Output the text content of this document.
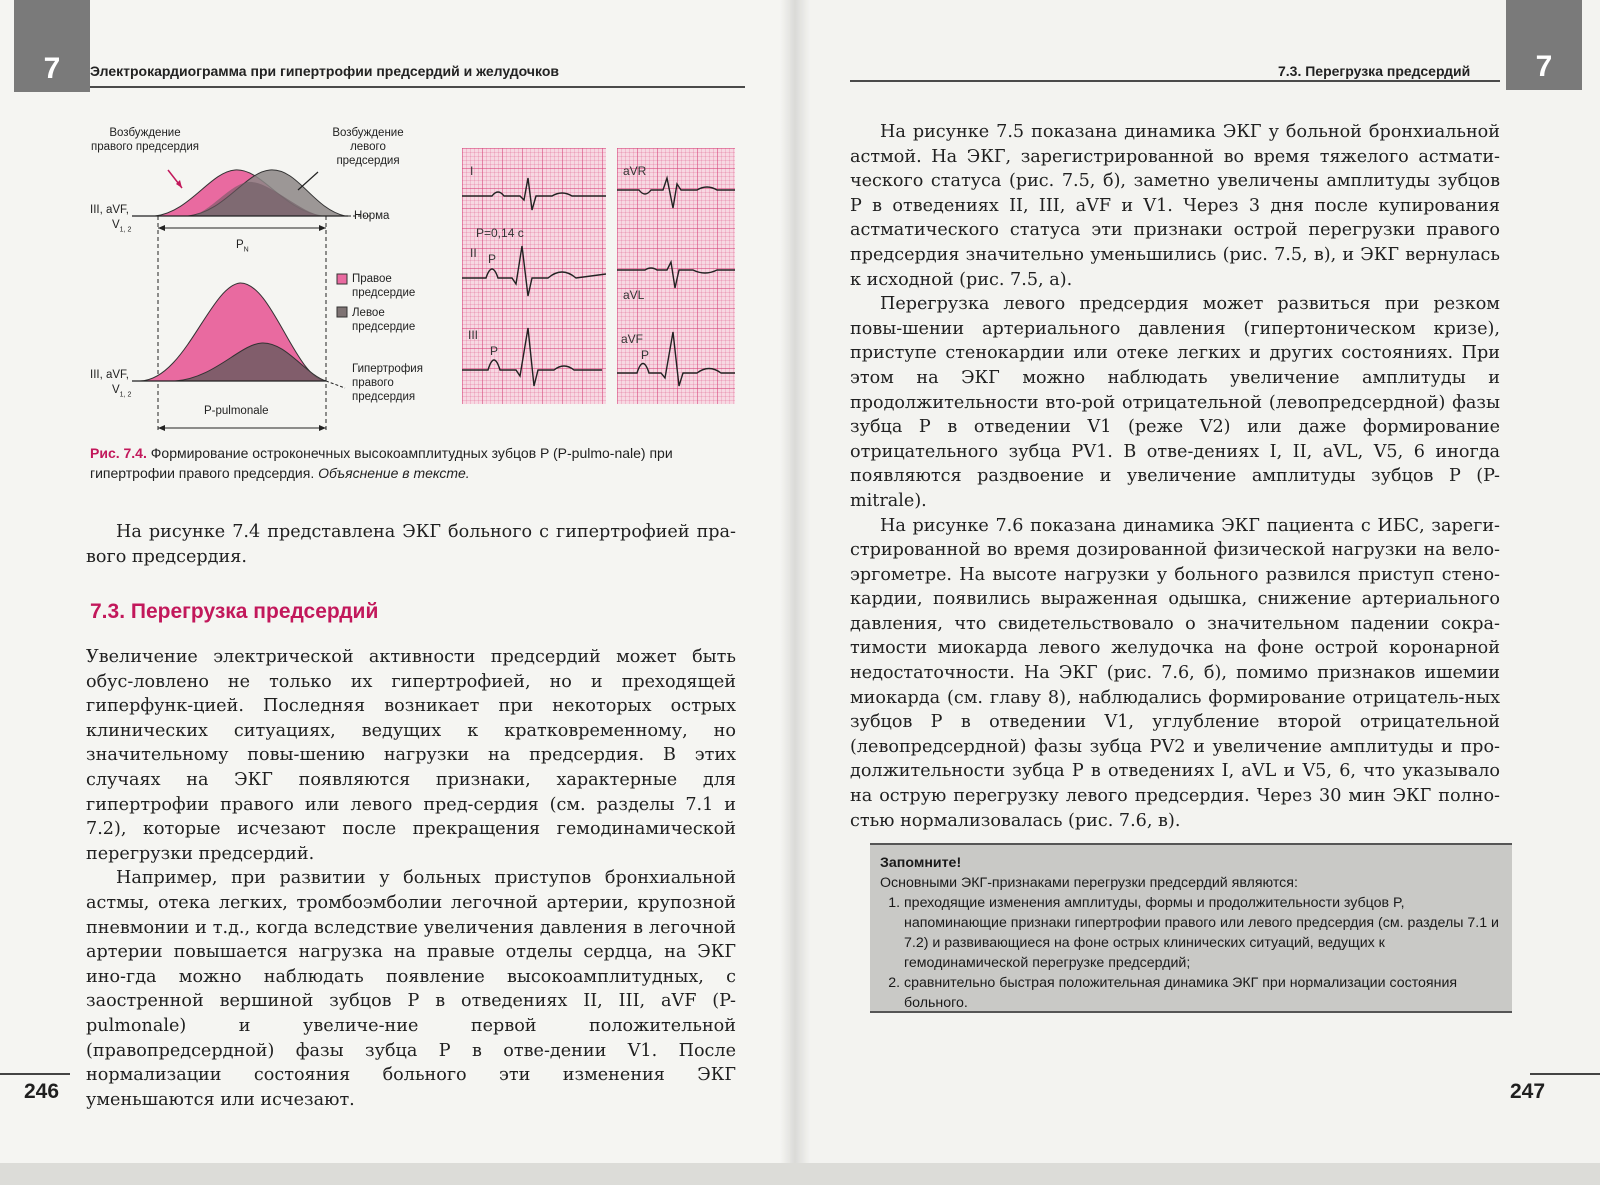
7 Электрокардиограмма при гипертрофии предсердий и желудочков
Возбуждение правого предсердия
Возбуждение левого предсердия
III, aVF,
$V_{1, 2}$
Норма
$P_N$
Правое предсердие
Левое предсердие
III, aVF,
$V_{1, 2}$
Гипертрофия правого предсердия
P-pulmonale
I
P=0,14 с
II P
III
P
aVR
aVL
aVF
P
Рис. 7.4. Формирование остроконечных высокоамплитудных зубцов P (P-pulmo-nale) при гипертрофии правого предсердия. Объяснение в тексте.

На рисунке 7.4 представлена ЭКГ больного с гипертрофией пра-вого предсердия.

7.3. Перегрузка предсердий

Увеличение электрической активности предсердий может быть обус-ловлено не только их гипертрофией, но и преходящей гиперфунк-цией. Последняя возникает при некоторых острых клинических ситуациях, ведущих к кратковременному, но значительному повы-шению нагрузки на предсердия. В этих случаях на ЭКГ появляются признаки, характерные для гипертрофии правого или левого пред-сердия (см. разделы 7.1 и 7.2), которые исчезают после прекращения гемодинамической перегрузки предсердий.

Например, при развитии у больных приступов бронхиальной астмы, отека легких, тромбоэмболии легочной артерии, крупозной пневмонии и т.д., когда вследствие увеличения давления в легочной артерии повышается нагрузка на правые отделы сердца, на ЭКГ ино-гда можно наблюдать появление высокоамплитудных, с заостренной вершиной зубцов P в отведениях II, III, aVF (P-pulmonale) и увеличе-ние первой положительной (правопредсердной) фазы зубца P в отве-дении V1. После нормализации состояния больного эти изменения ЭКГ уменьшаются или исчезают.

246
7.3. Перегрузка предсердий 7

На рисунке 7.5 показана динамика ЭКГ у больной бронхиальной астмой. На ЭКГ, зарегистрированной во время тяжелого астмати-ческого статуса (рис. 7.5, б), заметно увеличены амплитуды зубцов P в отведениях II, III, aVF и V1. Через 3 дня после купирования астматического статуса эти признаки острой перегрузки правого предсердия значительно уменьшились (рис. 7.5, в), и ЭКГ вернулась к исходной (рис. 7.5, а).

Перегрузка левого предсердия может развиться при резком повы-шении артериального давления (гипертоническом кризе), приступе стенокардии или отеке легких и других состояниях. При этом на ЭКГ можно наблюдать увеличение амплитуды и продолжительности вто-рой отрицательной (левопредсердной) фазы зубца P в отведении V1 (реже V2) или даже формирование отрицательного зубца PV1. В отве-дениях I, II, aVL, V5, 6 иногда появляются раздвоение и увеличение амплитуды зубцов P (P-mitrale).

На рисунке 7.6 показана динамика ЭКГ пациента с ИБС, зареги-стрированной во время дозированной физической нагрузки на вело-эргометре. На высоте нагрузки у больного развился приступ стено-кардии, появились выраженная одышка, снижение артериального давления, что свидетельствовало о значительном падении сокра-тимости миокарда левого желудочка на фоне острой коронарной недостаточности. На ЭКГ (рис. 7.6, б), помимо признаков ишемии миокарда (см. главу 8), наблюдались формирование отрицатель-ных зубцов P в отведении V1, углубление второй отрицательной (левопредсердной) фазы зубца PV2 и увеличение амплитуды и про-должительности зубца P в отведениях I, aVL и V5, 6, что указывало на острую перегрузку левого предсердия. Через 30 мин ЭКГ полно-стью нормализовалась (рис. 7.6, в).

247
Запомните!
Основными ЭКГ-признаками перегрузки предсердий являются:
1. преходящие изменения амплитуды, формы и продолжительности зубцов P, напоминающие признаки гипертрофии правого или левого предсердия (см. разделы 7.1 и 7.2) и развивающиеся на фоне острых клинических ситуаций, ведущих к гемодинамической перегрузке предсердий;
2. сравнительно быстрая положительная динамика ЭКГ при нормализации состояния больного.
